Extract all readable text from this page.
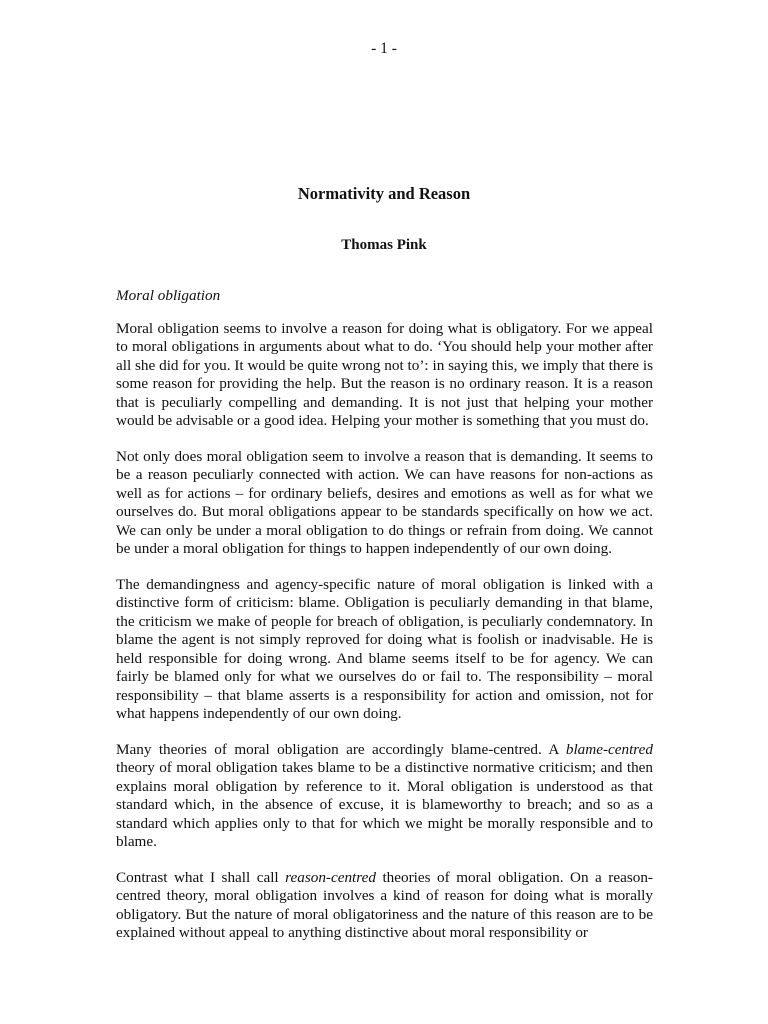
- 1 -
Normativity and Reason
Thomas Pink
Moral obligation

Moral obligation seems to involve a reason for doing what is obligatory. For we appeal to moral obligations in arguments about what to do. ‘You should help your mother after all she did for you. It would be quite wrong not to’: in saying this, we imply that there is some reason for providing the help. But the reason is no ordinary reason. It is a reason that is peculiarly compelling and demanding. It is not just that helping your mother would be advisable or a good idea. Helping your mother is something that you must do.

Not only does moral obligation seem to involve a reason that is demanding. It seems to be a reason peculiarly connected with action. We can have reasons for non-actions as well as for actions – for ordinary beliefs, desires and emotions as well as for what we ourselves do. But moral obligations appear to be standards specifically on how we act. We can only be under a moral obligation to do things or refrain from doing. We cannot be under a moral obligation for things to happen independently of our own doing.

The demandingness and agency-specific nature of moral obligation is linked with a distinctive form of criticism: blame. Obligation is peculiarly demanding in that blame, the criticism we make of people for breach of obligation, is peculiarly condemnatory. In blame the agent is not simply reproved for doing what is foolish or inadvisable. He is held responsible for doing wrong. And blame seems itself to be for agency. We can fairly be blamed only for what we ourselves do or fail to. The responsibility – moral responsibility – that blame asserts is a responsibility for action and omission, not for what happens independently of our own doing.

Many theories of moral obligation are accordingly blame-centred. A blame-centred theory of moral obligation takes blame to be a distinctive normative criticism; and then explains moral obligation by reference to it. Moral obligation is understood as that standard which, in the absence of excuse, it is blameworthy to breach; and so as a standard which applies only to that for which we might be morally responsible and to blame.

Contrast what I shall call reason-centred theories of moral obligation. On a reason-centred theory, moral obligation involves a kind of reason for doing what is morally obligatory. But the nature of moral obligatoriness and the nature of this reason are to be explained without appeal to anything distinctive about moral responsibility or
